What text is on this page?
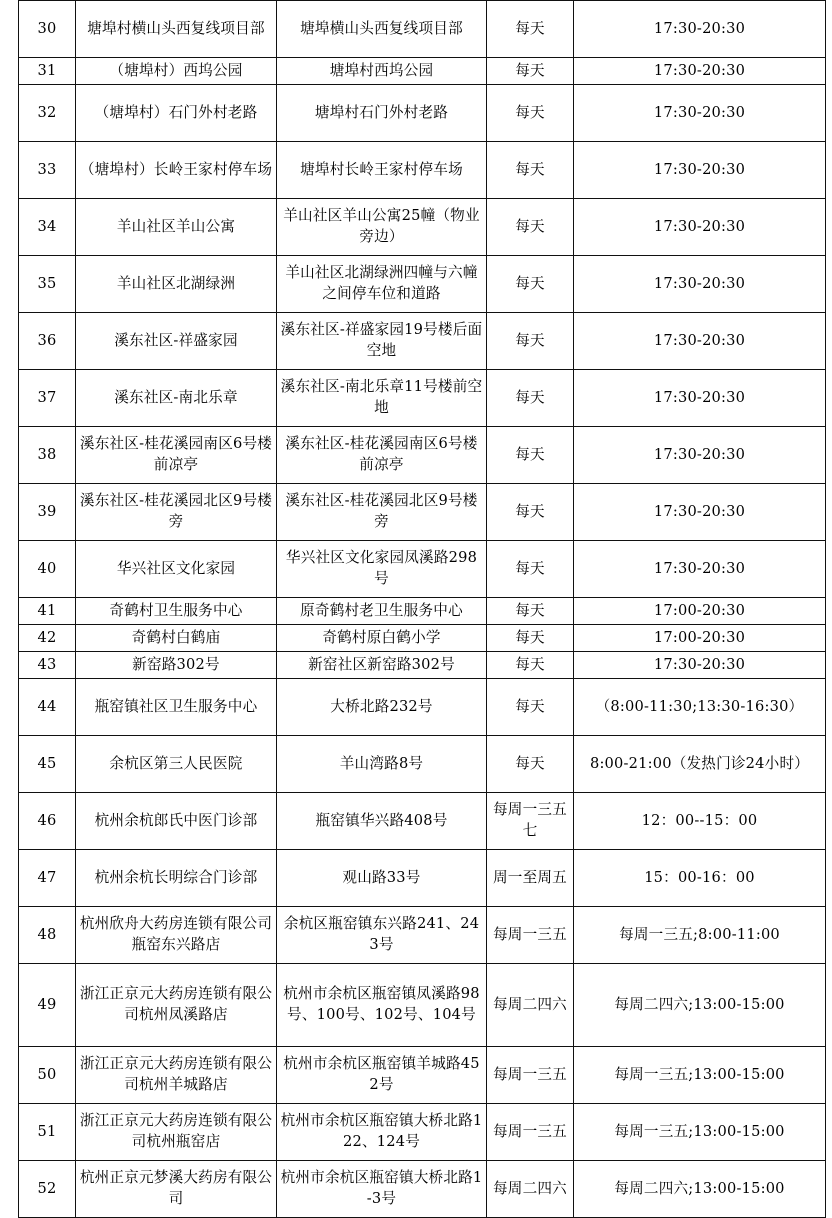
30	塘埠村横山头西复线项目部	塘埠横山头西复线项目部	每天	17:30-20:30
31	（塘埠村）西坞公园	塘埠村西坞公园	每天	17:30-20:30
32	（塘埠村）石门外村老路	塘埠村石门外村老路	每天	17:30-20:30
33	（塘埠村）长岭王家村停车场	塘埠村长岭王家村停车场	每天	17:30-20:30
34	羊山社区羊山公寓	羊山社区羊山公寓25幢（物业旁边）	每天	17:30-20:30
35	羊山社区北湖绿洲	羊山社区北湖绿洲四幢与六幢之间停车位和道路	每天	17:30-20:30
36	溪东社区-祥盛家园	溪东社区-祥盛家园19号楼后面空地	每天	17:30-20:30
37	溪东社区-南北乐章	溪东社区-南北乐章11号楼前空地	每天	17:30-20:30
38	溪东社区-桂花溪园南区6号楼前凉亭	溪东社区-桂花溪园南区6号楼前凉亭	每天	17:30-20:30
39	溪东社区-桂花溪园北区9号楼旁	溪东社区-桂花溪园北区9号楼旁	每天	17:30-20:30
40	华兴社区文化家园	华兴社区文化家园凤溪路298号	每天	17:30-20:30
41	奇鹤村卫生服务中心	原奇鹤村老卫生服务中心	每天	17:00-20:30
42	奇鹤村白鹤庙	奇鹤村原白鹤小学	每天	17:00-20:30
43	新窑路302号	新窑社区新窑路302号	每天	17:30-20:30
44	瓶窑镇社区卫生服务中心	大桥北路232号	每天	（8:00-11:30;13:30-16:30）
45	余杭区第三人民医院	羊山湾路8号	每天	8:00-21:00（发热门诊24小时）
46	杭州余杭郎氏中医门诊部	瓶窑镇华兴路408号	每周一三五七	12：00--15：00
47	杭州余杭长明综合门诊部	观山路33号	周一至周五	15：00-16：00
48	杭州欣舟大药房连锁有限公司瓶窑东兴路店	余杭区瓶窑镇东兴路241、243号	每周一三五	每周一三五;8:00-11:00
49	浙江正京元大药房连锁有限公司杭州凤溪路店	杭州市余杭区瓶窑镇凤溪路98号、100号、102号、104号	每周二四六	每周二四六;13:00-15:00
50	浙江正京元大药房连锁有限公司杭州羊城路店	杭州市余杭区瓶窑镇羊城路452号	每周一三五	每周一三五;13:00-15:00
51	浙江正京元大药房连锁有限公司杭州瓶窑店	杭州市余杭区瓶窑镇大桥北路122、124号	每周一三五	每周一三五;13:00-15:00
52	杭州正京元梦溪大药房有限公司	杭州市余杭区瓶窑镇大桥北路1-3号	每周二四六	每周二四六;13:00-15:00
